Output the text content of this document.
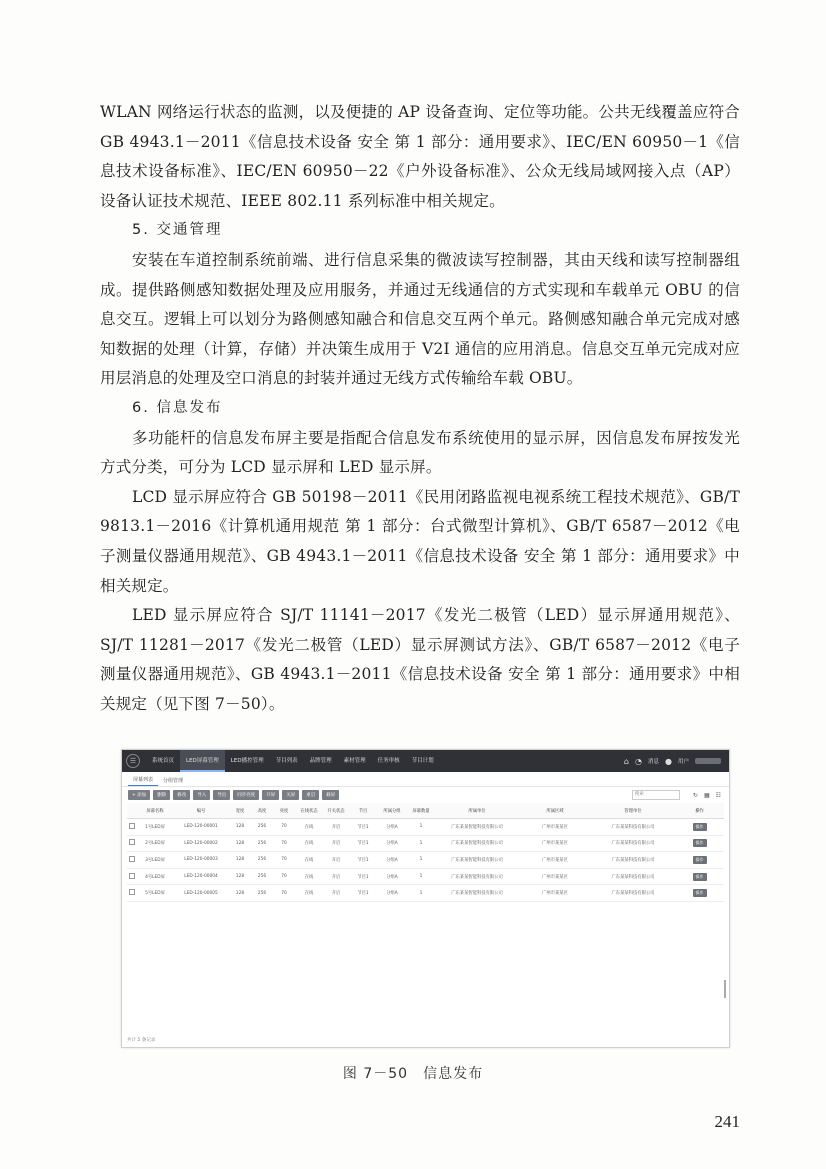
WLAN 网络运行状态的监测，以及便捷的 AP 设备查询、定位等功能。公共无线覆盖应符合 GB 4943.1－2011《信息技术设备 安全 第 1 部分：通用要求》、IEC/EN 60950－1《信息技术设备标准》、IEC/EN 60950－22《户外设备标准》、公众无线局域网接入点（AP）设备认证技术规范、IEEE 802.11 系列标准中相关规定。

5. 交通管理

安装在车道控制系统前端、进行信息采集的微波读写控制器，其由天线和读写控制器组成。提供路侧感知数据处理及应用服务，并通过无线通信的方式实现和车载单元 OBU 的信息交互。逻辑上可以划分为路侧感知融合和信息交互两个单元。路侧感知融合单元完成对感知数据的处理（计算，存储）并决策生成用于 V2I 通信的应用消息。信息交互单元完成对应用层消息的处理及空口消息的封装并通过无线方式传输给车载 OBU。

6. 信息发布

多功能杆的信息发布屏主要是指配合信息发布系统使用的显示屏，因信息发布屏按发光方式分类，可分为 LCD 显示屏和 LED 显示屏。

LCD 显示屏应符合 GB 50198－2011《民用闭路监视电视系统工程技术规范》、GB/T 9813.1－2016《计算机通用规范 第 1 部分：台式微型计算机》、GB/T 6587－2012《电子测量仪器通用规范》、GB 4943.1－2011《信息技术设备 安全 第 1 部分：通用要求》中相关规定。

LED 显示屏应符合 SJ/T 11141－2017《发光二极管（LED）显示屏通用规范》、SJ/T 11281－2017《发光二极管（LED）显示屏测试方法》、GB/T 6587－2012《电子测量仪器通用规范》、GB 4943.1－2011《信息技术设备 安全 第 1 部分：通用要求》中相关规定（见下图 7－50）。

☰	系统首页	LED屏幕管理	LED播控管理	节目列表	品牌管理	素材管理	任务审核	节目计划	⌂ ◔ 消息 ● 用户
屏幕列表	分组管理
+ 添加	删除	修改	导入	导出	同步亮度	开屏	关屏	重启	截屏	搜索	↻ ▦ ☷
	屏幕名称	编号	宽度	高度	亮度	在线状态	开关状态	节目	所属分组	屏幕数量	所属单位	所属区域	管理单位	操作
	1号LED屏	LED-120-00001	128	256	70	在线	开启	节目1	分组A	1	广东某某智能科技有限公司	广州市某某区	广东某某科技有限公司	操作
	2号LED屏	LED-120-00002	128	256	70	在线	开启	节目1	分组A	1	广东某某智能科技有限公司	广州市某某区	广东某某科技有限公司	操作
	3号LED屏	LED-120-00003	128	256	70	在线	开启	节目1	分组A	1	广东某某智能科技有限公司	广州市某某区	广东某某科技有限公司	操作
	4号LED屏	LED-120-00004	128	256	70	在线	开启	节目1	分组A	1	广东某某智能科技有限公司	广州市某某区	广东某某科技有限公司	操作
	5号LED屏	LED-120-00005	128	256	70	在线	开启	节目1	分组A	1	广东某某智能科技有限公司	广州市某某区	广东某某科技有限公司	操作
共计 5 条记录
图 7－50　信息发布
241
